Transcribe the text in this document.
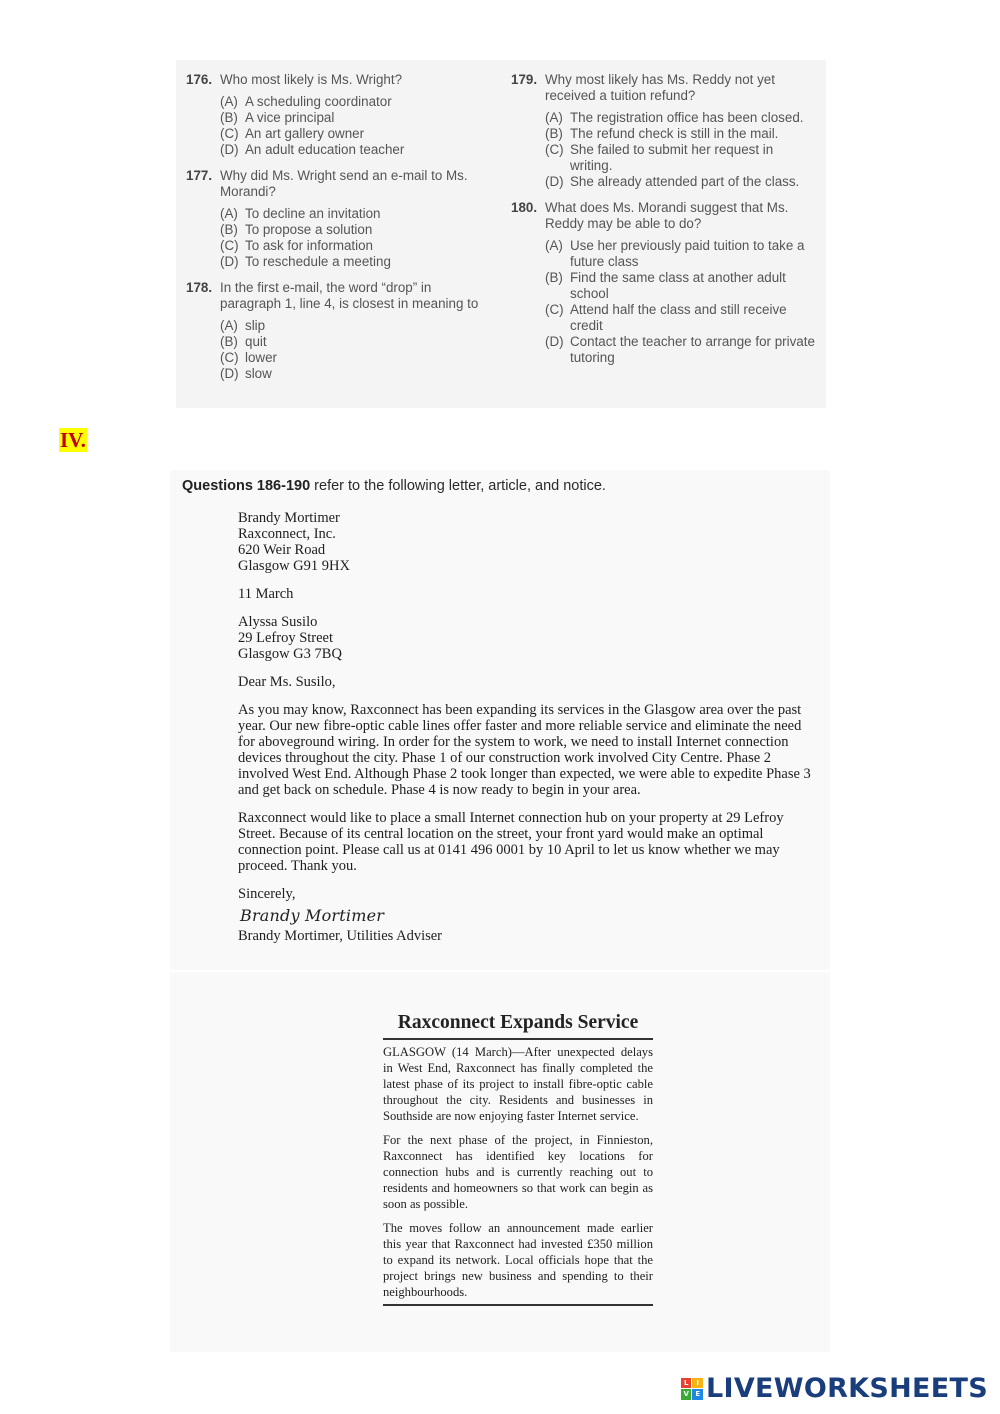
176. Who most likely is Ms. Wright?
(A) A scheduling coordinator
(B) A vice principal
(C) An art gallery owner
(D) An adult education teacher
177. Why did Ms. Wright send an e-mail to Ms. Morandi?
(A) To decline an invitation
(B) To propose a solution
(C) To ask for information
(D) To reschedule a meeting
178. In the first e-mail, the word “drop” in paragraph 1, line 4, is closest in meaning to
(A) slip
(B) quit
(C) lower
(D) slow
179. Why most likely has Ms. Reddy not yet received a tuition refund?
(A) The registration office has been closed.
(B) The refund check is still in the mail.
(C) She failed to submit her request in writing.
(D) She already attended part of the class.
180. What does Ms. Morandi suggest that Ms. Reddy may be able to do?
(A) Use her previously paid tuition to take a future class
(B) Find the same class at another adult school
(C) Attend half the class and still receive credit
(D) Contact the teacher to arrange for private tutoring
IV.
Questions 186-190 refer to the following letter, article, and notice.
Brandy Mortimer
Raxconnect, Inc.
620 Weir Road
Glasgow G91 9HX
11 March
Alyssa Susilo
29 Lefroy Street
Glasgow G3 7BQ
Dear Ms. Susilo,

As you may know, Raxconnect has been expanding its services in the Glasgow area over the past year. Our new fibre-optic cable lines offer faster and more reliable service and eliminate the need for aboveground wiring. In order for the system to work, we need to install Internet connection devices throughout the city. Phase 1 of our construction work involved City Centre. Phase 2 involved West End. Although Phase 2 took longer than expected, we were able to expedite Phase 3 and get back on schedule. Phase 4 is now ready to begin in your area.

Raxconnect would like to place a small Internet connection hub on your property at 29 Lefroy Street. Because of its central location on the street, your front yard would make an optimal connection point. Please call us at 0141 496 0001 by 10 April to let us know whether we may proceed. Thank you.

Sincerely,
Brandy Mortimer
Brandy Mortimer, Utilities Adviser
Raxconnect Expands Service

GLASGOW (14 March)—After unexpected delays in West End, Raxconnect has finally completed the latest phase of its project to install fibre-optic cable throughout the city. Residents and businesses in Southside are now enjoying faster Internet service.

For the next phase of the project, in Finnieston, Raxconnect has identified key locations for connection hubs and is currently reaching out to residents and homeowners so that work can begin as soon as possible.

The moves follow an announcement made earlier this year that Raxconnect had invested £350 million to expand its network. Local officials hope that the project brings new business and spending to their neighbourhoods.

L	I
V E LIVEWORKSHEETS
